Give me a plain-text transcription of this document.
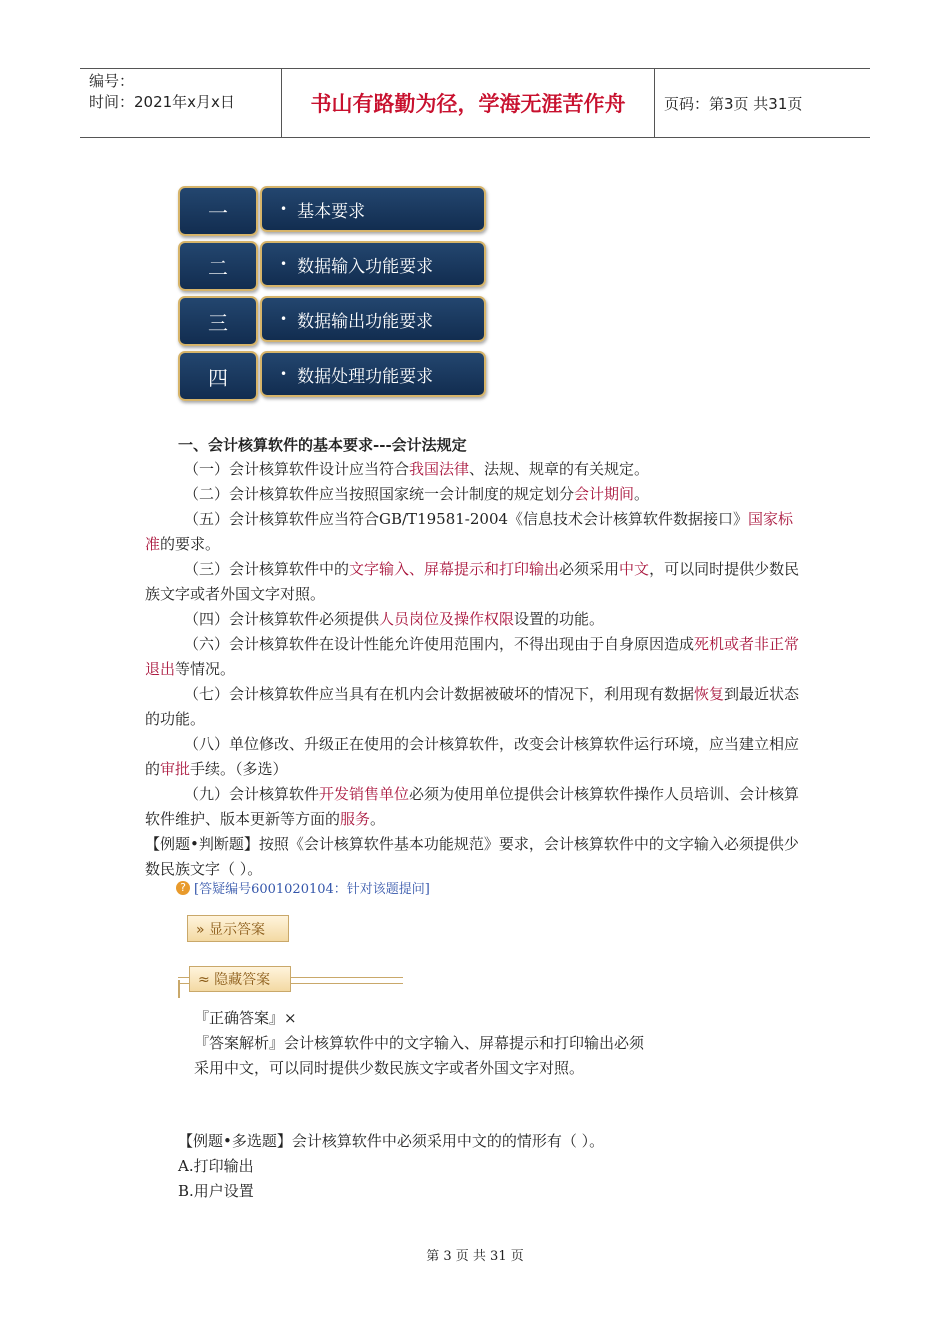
编号：
时间：2021年x月x日	书山有路勤为径，学海无涯苦作舟	页码：第3页 共31页
一	• 基本要求
二	• 数据输入功能要求
三	• 数据输出功能要求
四	• 数据处理功能要求
一、会计核算软件的基本要求---会计法规定

（一）会计核算软件设计应当符合我国法律、法规、规章的有关规定。

（二）会计核算软件应当按照国家统一会计制度的规定划分会计期间。

（五）会计核算软件应当符合GB/T19581-2004《信息技术会计核算软件数据接口》国家标准的要求。

（三）会计核算软件中的文字输入、屏幕提示和打印输出必须采用中文，可以同时提供少数民族文字或者外国文字对照。

（四）会计核算软件必须提供人员岗位及操作权限设置的功能。

（六）会计核算软件在设计性能允许使用范围内，不得出现由于自身原因造成死机或者非正常退出等情况。

（七）会计核算软件应当具有在机内会计数据被破坏的情况下，利用现有数据恢复到最近状态的功能。

（八）单位修改、升级正在使用的会计核算软件，改变会计核算软件运行环境，应当建立相应的审批手续。（多选）

（九）会计核算软件开发销售单位必须为使用单位提供会计核算软件操作人员培训、会计核算软件维护、版本更新等方面的服务。

【例题•判断题】按照《会计核算软件基本功能规范》要求，会计核算软件中的文字输入必须提供少数民族文字（ ）。

? [答疑编号6001020104：针对该题提问]
» 显示答案
≈ 隐藏答案
『正确答案』×
『答案解析』会计核算软件中的文字输入、屏幕提示和打印输出必须
采用中文，可以同时提供少数民族文字或者外国文字对照。
【例题•多选题】会计核算软件中必须采用中文的的情形有（ ）。
A.打印输出
B.用户设置
第 3 页 共 31 页
